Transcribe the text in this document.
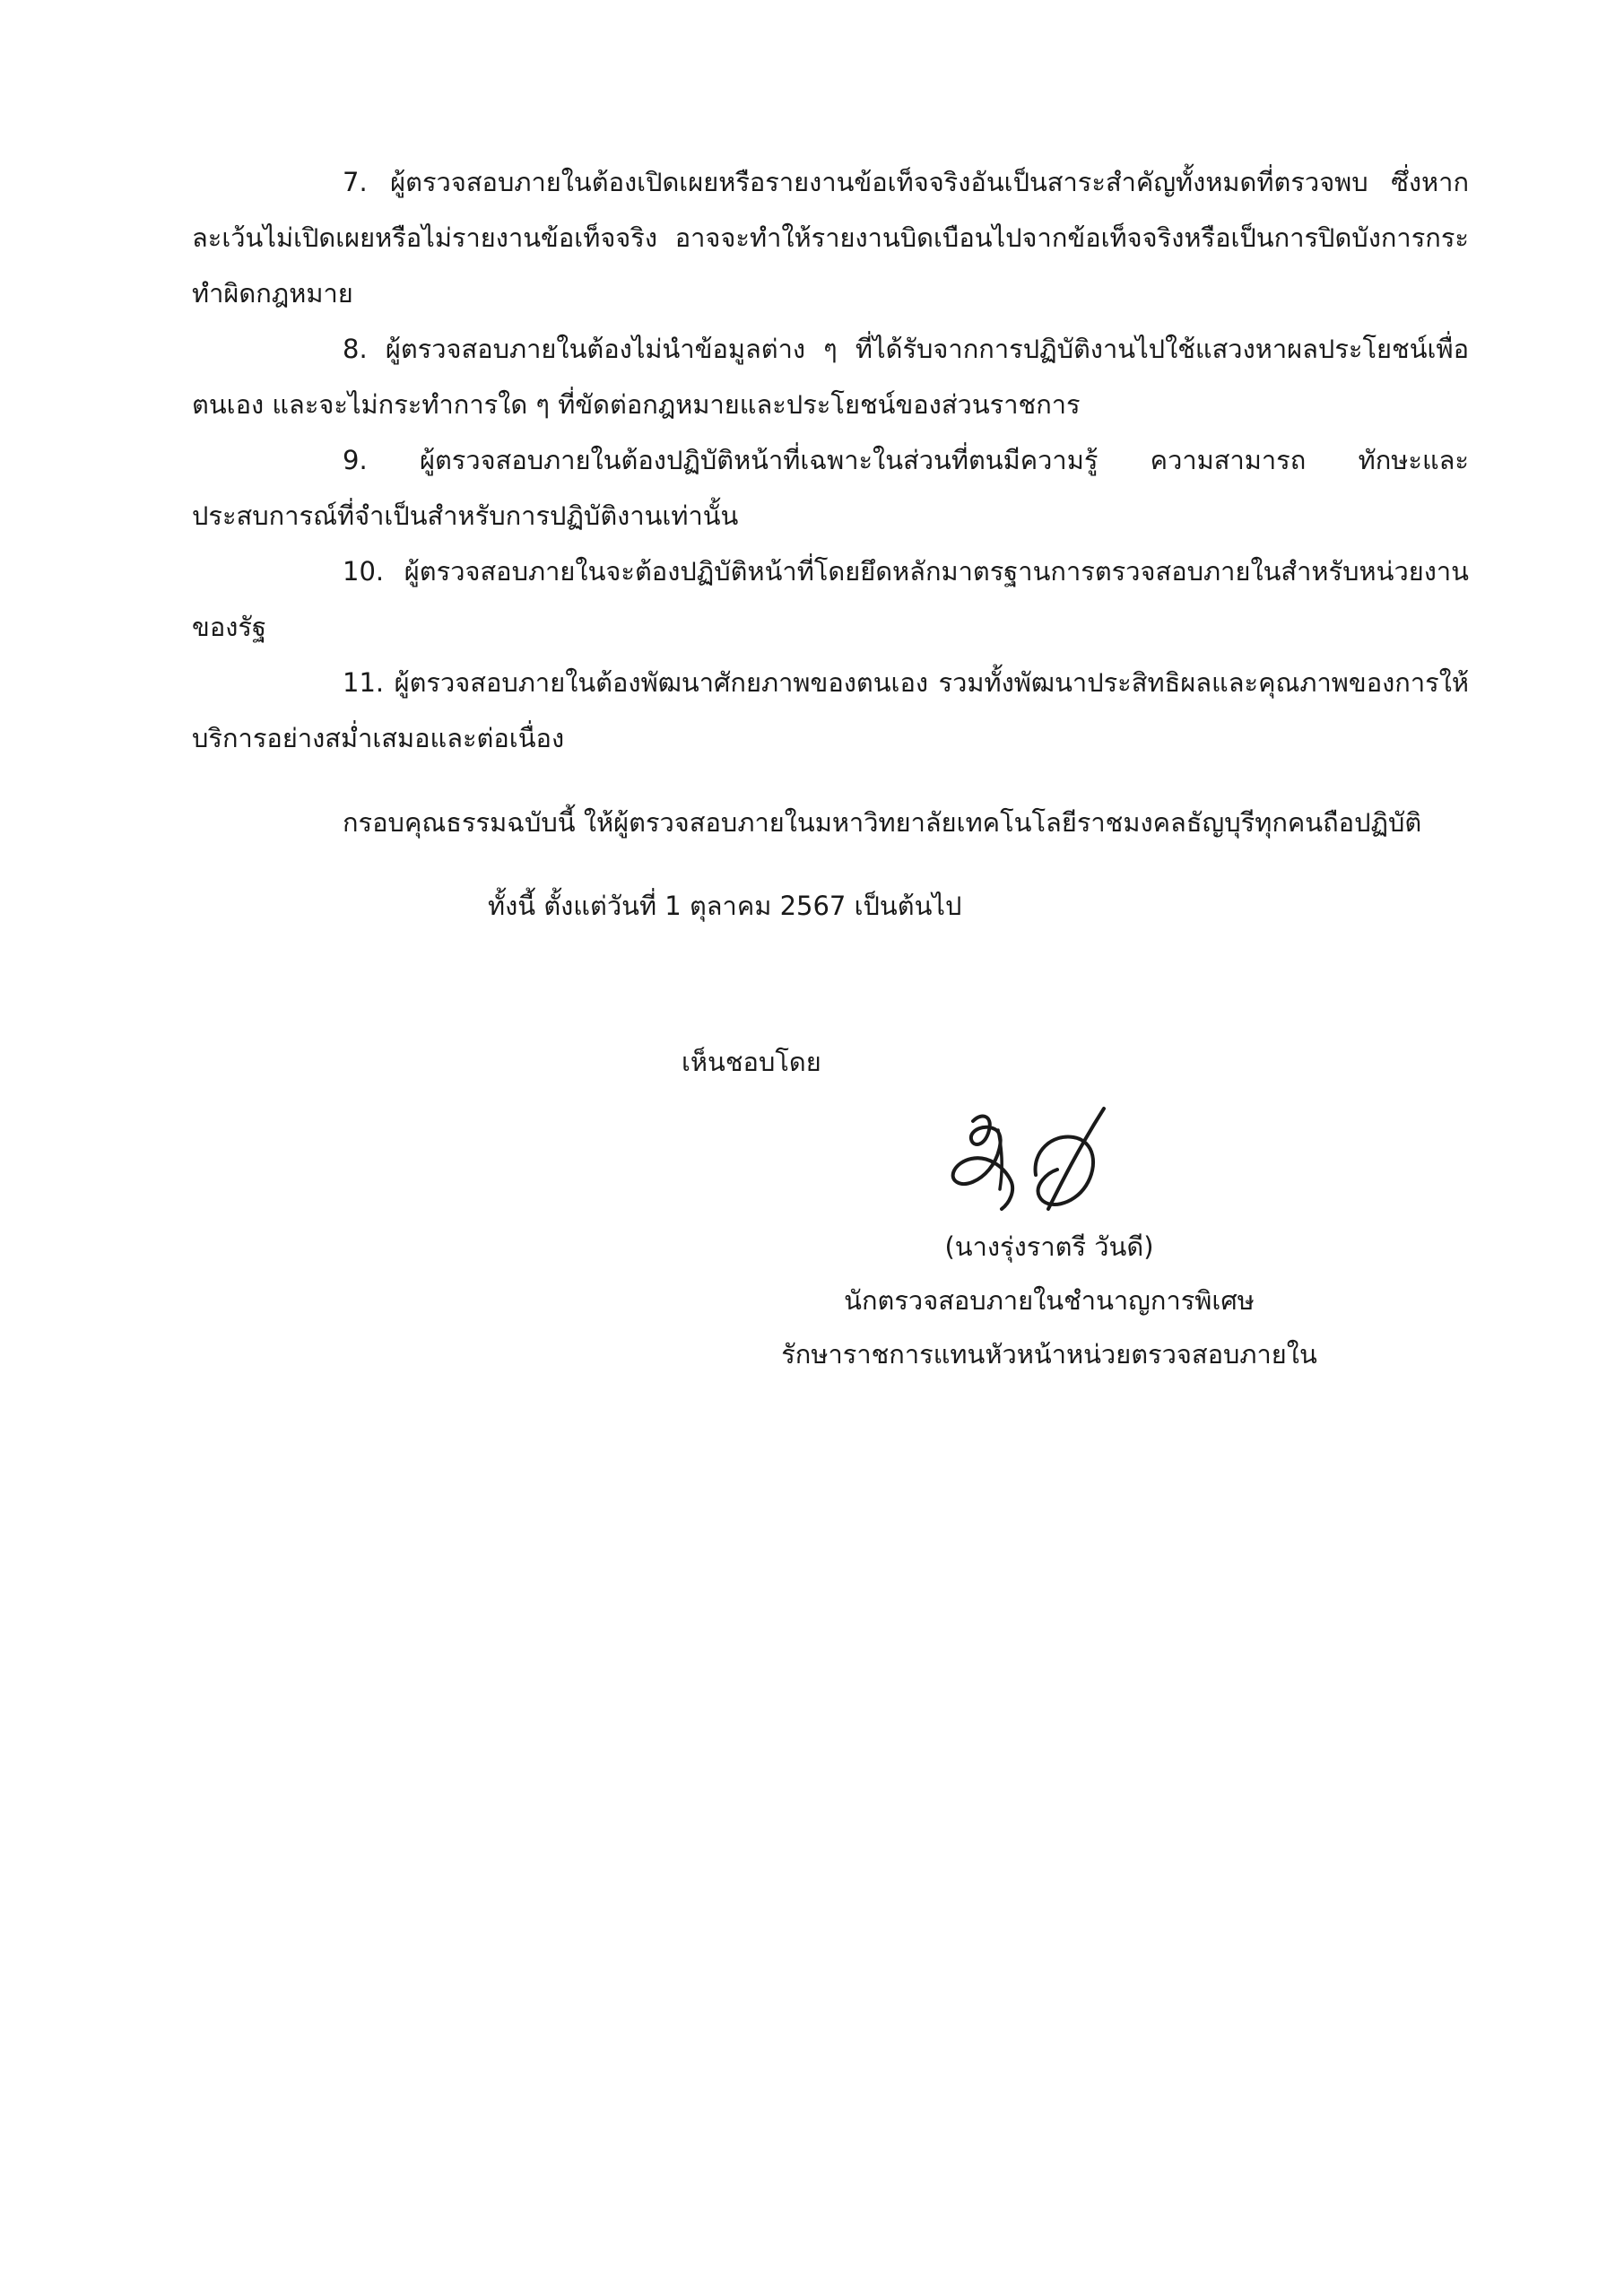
7. ผู้ตรวจสอบภายในต้องเปิดเผยหรือรายงานข้อเท็จจริงอันเป็นสาระสำคัญทั้งหมดที่ตรวจพบ ซึ่งหากละเว้นไม่เปิดเผยหรือไม่รายงานข้อเท็จจริง อาจจะทำให้รายงานบิดเบือนไปจากข้อเท็จจริงหรือเป็นการปิดบังการกระทำผิดกฎหมาย

8. ผู้ตรวจสอบภายในต้องไม่นำข้อมูลต่าง ๆ ที่ได้รับจากการปฏิบัติงานไปใช้แสวงหาผลประโยชน์เพื่อตนเอง และจะไม่กระทำการใด ๆ ที่ขัดต่อกฎหมายและประโยชน์ของส่วนราชการ

9. ผู้ตรวจสอบภายในต้องปฏิบัติหน้าที่เฉพาะในส่วนที่ตนมีความรู้ ความสามารถ ทักษะและประสบการณ์ที่จำเป็นสำหรับการปฏิบัติงานเท่านั้น

10. ผู้ตรวจสอบภายในจะต้องปฏิบัติหน้าที่โดยยึดหลักมาตรฐานการตรวจสอบภายในสำหรับหน่วยงานของรัฐ

11. ผู้ตรวจสอบภายในต้องพัฒนาศักยภาพของตนเอง รวมทั้งพัฒนาประสิทธิผลและคุณภาพของการให้บริการอย่างสม่ำเสมอและต่อเนื่อง

กรอบคุณธรรมฉบับนี้ ให้ผู้ตรวจสอบภายในมหาวิทยาลัยเทคโนโลยีราชมงคลธัญบุรีทุกคนถือปฏิบัติ

ทั้งนี้ ตั้งแต่วันที่ 1 ตุลาคม 2567 เป็นต้นไป
เห็นชอบโดย
(นางรุ่งราตรี วันดี)
นักตรวจสอบภายในชำนาญการพิเศษ
รักษาราชการแทนหัวหน้าหน่วยตรวจสอบภายใน
